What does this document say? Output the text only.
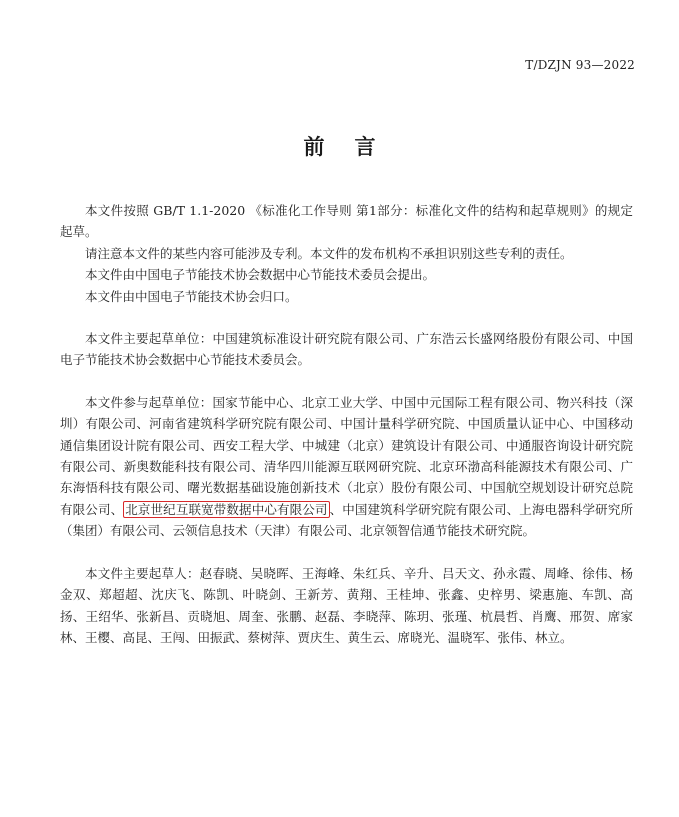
T/DZJN 93—2022
前言

本文件按照 GB/T 1.1-2020 《标准化工作导则 第1部分：标准化文件的结构和起草规则》的规定起草。

请注意本文件的某些内容可能涉及专利。本文件的发布机构不承担识别这些专利的责任。

本文件由中国电子节能技术协会数据中心节能技术委员会提出。

本文件由中国电子节能技术协会归口。

本文件主要起草单位：中国建筑标准设计研究院有限公司、广东浩云长盛网络股份有限公司、中国电子节能技术协会数据中心节能技术委员会。

本文件参与起草单位：国家节能中心、北京工业大学、中国中元国际工程有限公司、物兴科技（深圳）有限公司、河南省建筑科学研究院有限公司、中国计量科学研究院、中国质量认证中心、中国移动通信集团设计院有限公司、西安工程大学、中城建（北京）建筑设计有限公司、中通服咨询设计研究院有限公司、新奥数能科技有限公司、清华四川能源互联网研究院、北京环渤高科能源技术有限公司、广东海悟科技有限公司、曙光数据基础设施创新技术（北京）股份有限公司、中国航空规划设计研究总院有限公司、 北京世纪互联宽带数据中心有限公司 、中国建筑科学研究院有限公司、上海电器科学研究所（集团）有限公司、云领信息技术（天津）有限公司、北京领智信通节能技术研究院。

本文件主要起草人：赵春晓、吴晓晖、王海峰、朱红兵、辛升、吕天文、孙永霞、周峰、徐伟、杨金双、郑超超、沈庆飞、陈凯、叶晓剑、王新芳、黄翔、王桂坤、张鑫、史梓男、梁惠施、车凯、高扬、王绍华、张新昌、贡晓旭、周奎、张鹏、赵磊、李晓萍、陈玥、张瑾、杭晨哲、肖鹰、邢贺、席家林、王樱、高昆、王闯、田振武、蔡树萍、贾庆生、黄生云、席晓光、温晓军、张伟、林立。
